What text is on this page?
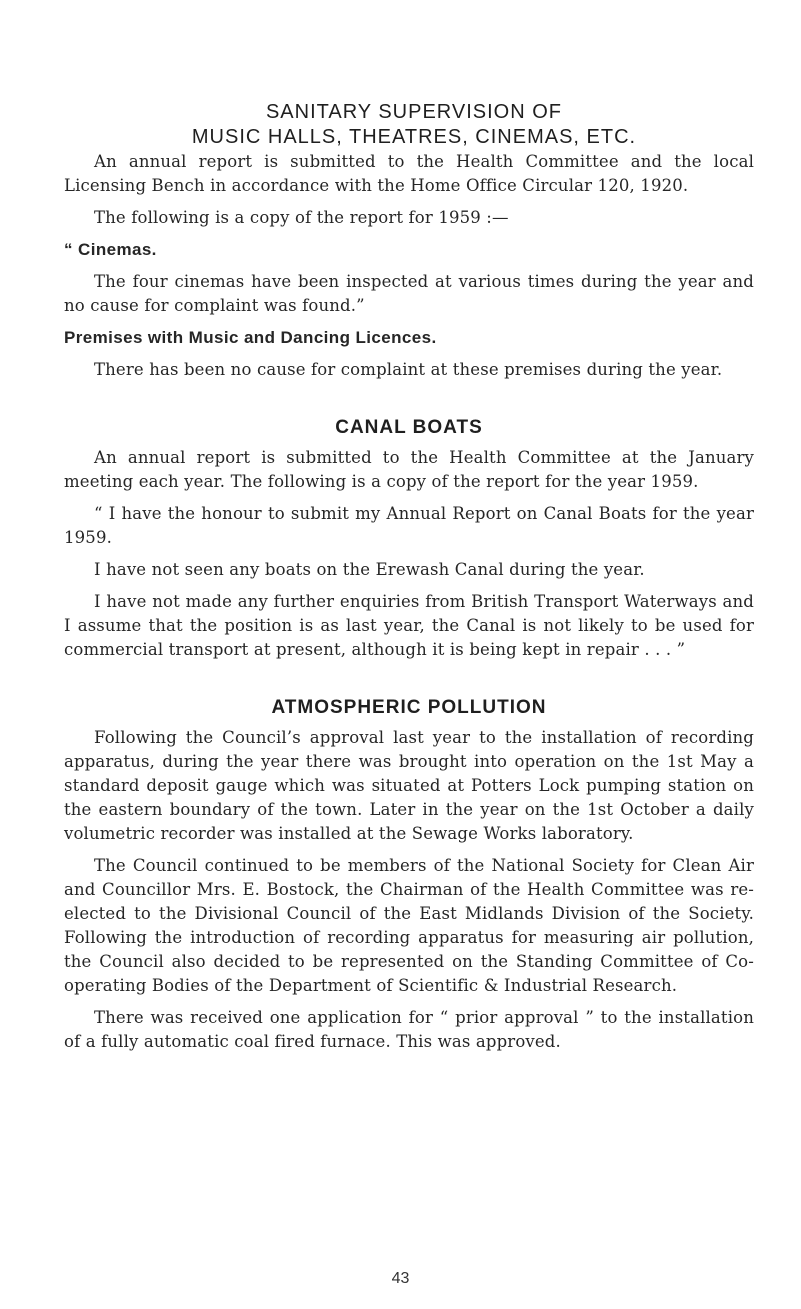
SANITARY SUPERVISION OF
MUSIC HALLS, THEATRES, CINEMAS, ETC.

An annual report is submitted to the Health Committee and the local Licensing Bench in accordance with the Home Office Circular 120, 1920.

The following is a copy of the report for 1959 :—

“ Cinemas.

The four cinemas have been inspected at various times during the year and no cause for complaint was found.”

Premises with Music and Dancing Licences.

There has been no cause for complaint at these premises during the year.

CANAL BOATS

An annual report is submitted to the Health Committee at the January meeting each year. The following is a copy of the report for the year 1959.

“ I have the honour to submit my Annual Report on Canal Boats for the year 1959.

I have not seen any boats on the Erewash Canal during the year.

I have not made any further enquiries from British Transport Waterways and I assume that the position is as last year, the Canal is not likely to be used for commercial transport at present, although it is being kept in repair . . . ”

ATMOSPHERIC POLLUTION

Following the Council’s approval last year to the installation of recording apparatus, during the year there was brought into operation on the 1st May a standard deposit gauge which was situated at Potters Lock pumping station on the eastern boundary of the town. Later in the year on the 1st October a daily volumetric recorder was installed at the Sewage Works laboratory.

The Council continued to be members of the National Society for Clean Air and Councillor Mrs. E. Bostock, the Chairman of the Health Committee was re-elected to the Divisional Council of the East Midlands Division of the Society. Following the introduction of recording apparatus for measuring air pollution, the Council also decided to be represented on the Standing Committee of Co-operating Bodies of the Department of Scientific & Industrial Research.

There was received one application for “ prior approval ” to the installation of a fully automatic coal fired furnace. This was approved.

43
